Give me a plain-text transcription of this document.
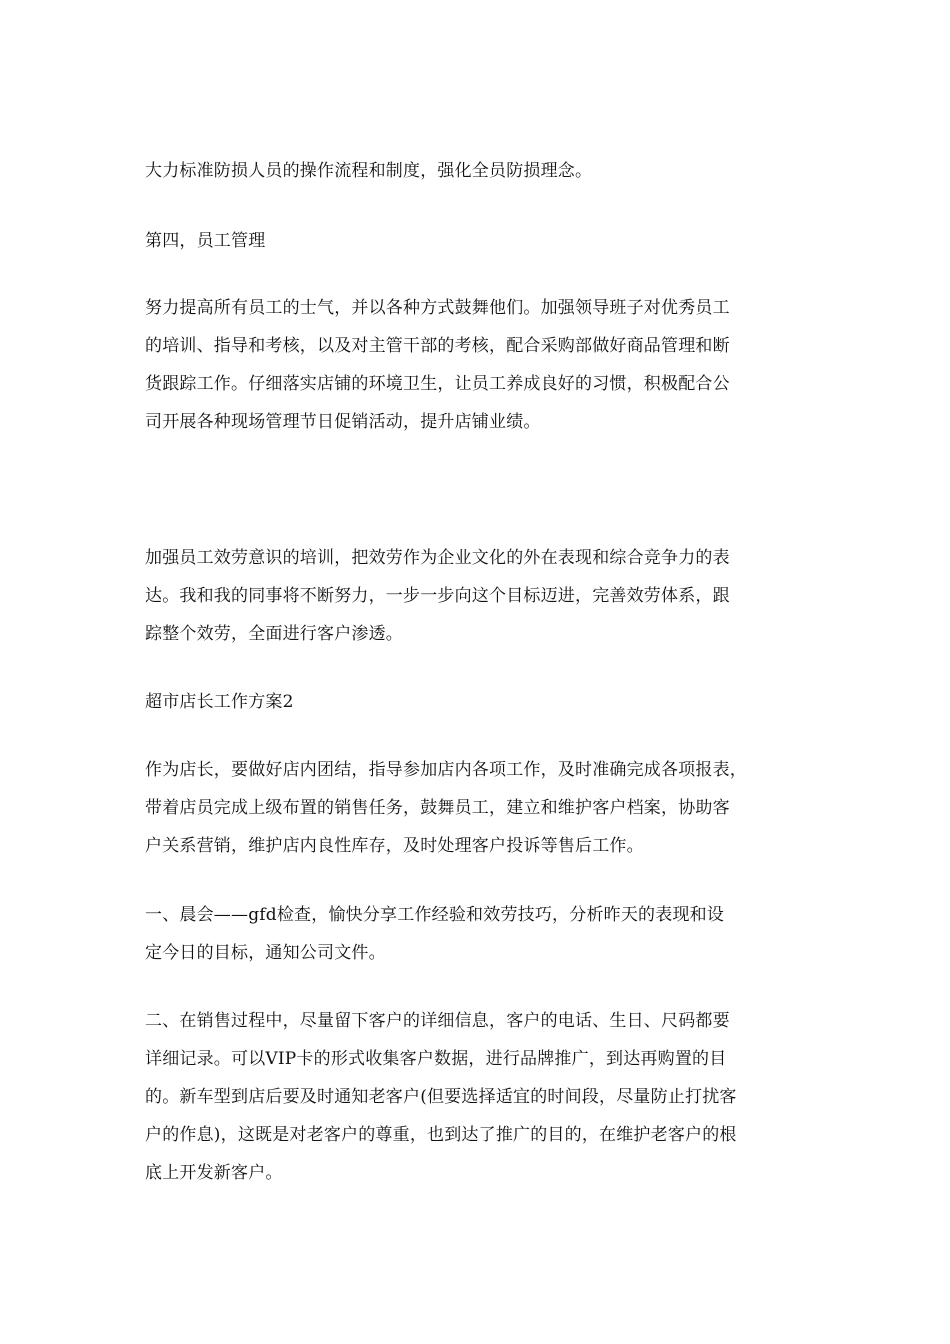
大力标准防损人员的操作流程和制度，强化全员防损理念。

第四，员工管理

努力提高所有员工的士气，并以各种方式鼓舞他们。加强领导班子对优秀员工

的培训、指导和考核，以及对主管干部的考核，配合采购部做好商品管理和断

货跟踪工作。仔细落实店铺的环境卫生，让员工养成良好的习惯，积极配合公

司开展各种现场管理节日促销活动，提升店铺业绩。

加强员工效劳意识的培训，把效劳作为企业文化的外在表现和综合竞争力的表

达。我和我的同事将不断努力，一步一步向这个目标迈进，完善效劳体系，跟

踪整个效劳，全面进行客户渗透。

超市店长工作方案2

作为店长，要做好店内团结，指导参加店内各项工作，及时准确完成各项报表，

带着店员完成上级布置的销售任务，鼓舞员工，建立和维护客户档案，协助客

户关系营销，维护店内良性库存，及时处理客户投诉等售后工作。

一、晨会——gfd检查，愉快分享工作经验和效劳技巧，分析昨天的表现和设

定今日的目标，通知公司文件。

二、在销售过程中，尽量留下客户的详细信息，客户的电话、生日、尺码都要

详细记录。可以VIP卡的形式收集客户数据，进行品牌推广，到达再购置的目

的。新车型到店后要及时通知老客户(但要选择适宜的时间段，尽量防止打扰客

户的作息)，这既是对老客户的尊重，也到达了推广的目的，在维护老客户的根

底上开发新客户。
